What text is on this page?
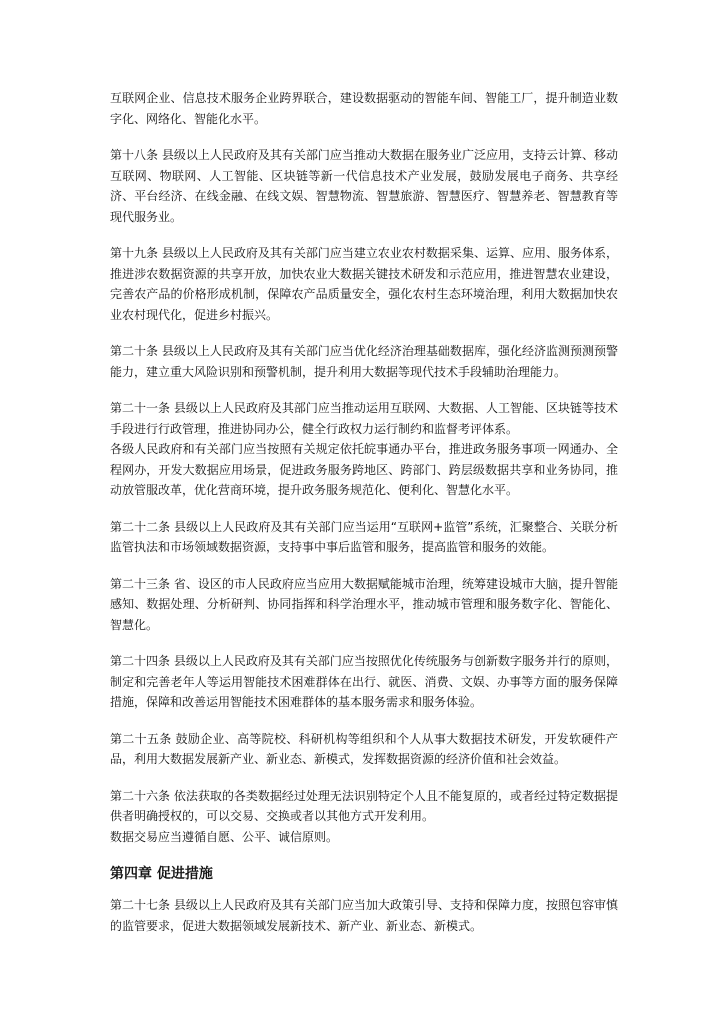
互联网企业、信息技术服务企业跨界联合，建设数据驱动的智能车间、智能工厂，提升制造业数字化、网络化、智能化水平。

第十八条 县级以上人民政府及其有关部门应当推动大数据在服务业广泛应用，支持云计算、移动互联网、物联网、人工智能、区块链等新一代信息技术产业发展，鼓励发展电子商务、共享经济、平台经济、在线金融、在线文娱、智慧物流、智慧旅游、智慧医疗、智慧养老、智慧教育等现代服务业。

第十九条 县级以上人民政府及其有关部门应当建立农业农村数据采集、运算、应用、服务体系，推进涉农数据资源的共享开放，加快农业大数据关键技术研发和示范应用，推进智慧农业建设，完善农产品的价格形成机制，保障农产品质量安全，强化农村生态环境治理，利用大数据加快农业农村现代化，促进乡村振兴。

第二十条 县级以上人民政府及其有关部门应当优化经济治理基础数据库，强化经济监测预测预警能力，建立重大风险识别和预警机制，提升利用大数据等现代技术手段辅助治理能力。

第二十一条 县级以上人民政府及其部门应当推动运用互联网、大数据、人工智能、区块链等技术手段进行行政管理，推进协同办公，健全行政权力运行制约和监督考评体系。

各级人民政府和有关部门应当按照有关规定依托皖事通办平台，推进政务服务事项一网通办、全程网办，开发大数据应用场景，促进政务服务跨地区、跨部门、跨层级数据共享和业务协同，推动放管服改革，优化营商环境，提升政务服务规范化、便利化、智慧化水平。

第二十二条 县级以上人民政府及其有关部门应当运用“互联网+监管”系统，汇聚整合、关联分析监管执法和市场领域数据资源，支持事中事后监管和服务，提高监管和服务的效能。

第二十三条 省、设区的市人民政府应当应用大数据赋能城市治理，统筹建设城市大脑，提升智能感知、数据处理、分析研判、协同指挥和科学治理水平，推动城市管理和服务数字化、智能化、智慧化。

第二十四条 县级以上人民政府及其有关部门应当按照优化传统服务与创新数字服务并行的原则，制定和完善老年人等运用智能技术困难群体在出行、就医、消费、文娱、办事等方面的服务保障措施，保障和改善运用智能技术困难群体的基本服务需求和服务体验。

第二十五条 鼓励企业、高等院校、科研机构等组织和个人从事大数据技术研发，开发软硬件产品，利用大数据发展新产业、新业态、新模式，发挥数据资源的经济价值和社会效益。

第二十六条 依法获取的各类数据经过处理无法识别特定个人且不能复原的，或者经过特定数据提供者明确授权的，可以交易、交换或者以其他方式开发利用。

数据交易应当遵循自愿、公平、诚信原则。

第四章 促进措施

第二十七条 县级以上人民政府及其有关部门应当加大政策引导、支持和保障力度，按照包容审慎的监管要求，促进大数据领域发展新技术、新产业、新业态、新模式。
